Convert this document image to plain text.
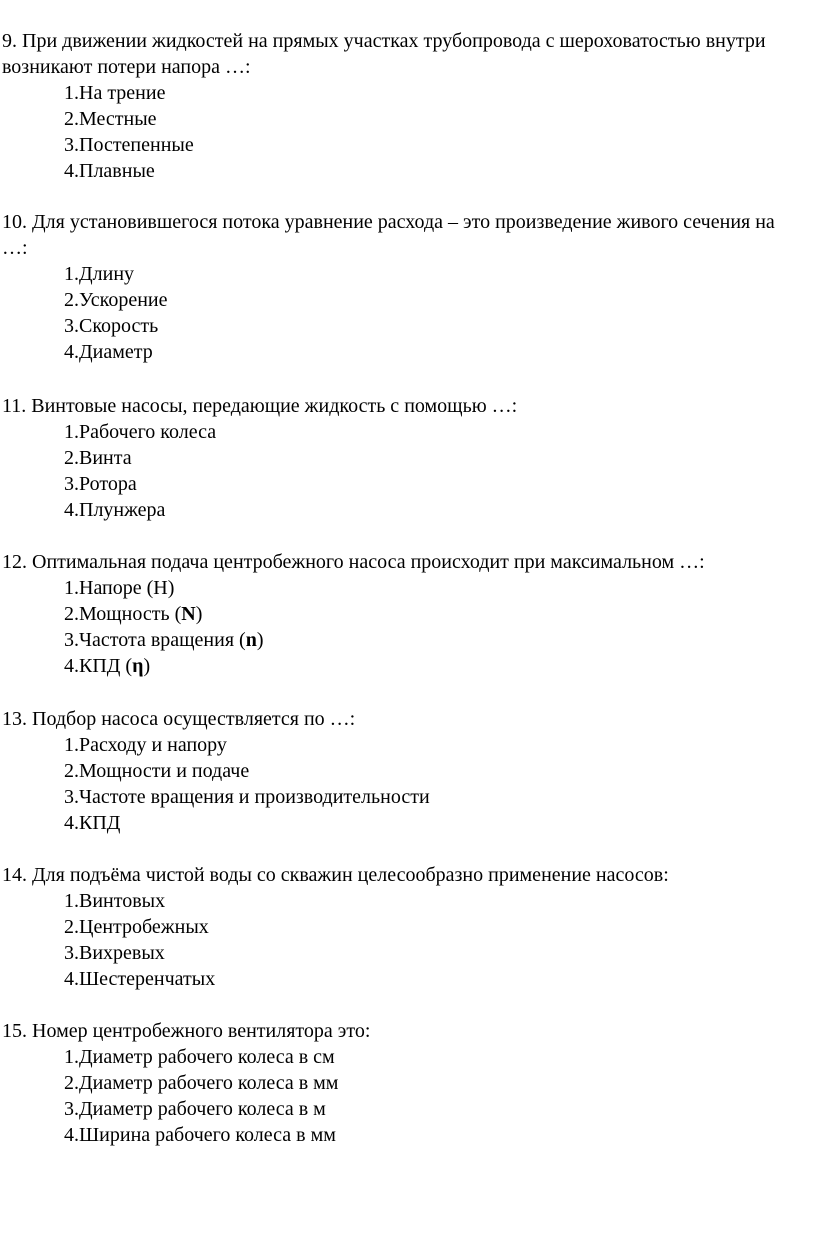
9. При движении жидкостей на прямых участках трубопровода с шероховатостью внутри возникают потери напора …:

1.На трение
2.Местные
3.Постепенные
4.Плавные

10. Для установившегося потока уравнение расхода – это произведение живого сечения на …:

1.Длину
2.Ускорение
3.Скорость
4.Диаметр

11. Винтовые насосы, передающие жидкость с помощью …:

1.Рабочего колеса
2.Винта
3.Ротора
4.Плунжера

12. Оптимальная подача центробежного насоса происходит при максимальном …:

1.Напоре (Н)
2.Мощность (N)
3.Частота вращения (n)
4.КПД (η)

13. Подбор насоса осуществляется по …:

1.Расходу и напору
2.Мощности и подаче
3.Частоте вращения и производительности
4.КПД

14. Для подъёма чистой воды со скважин целесообразно применение насосов:

1.Винтовых
2.Центробежных
3.Вихревых
4.Шестеренчатых

15. Номер центробежного вентилятора это:

1.Диаметр рабочего колеса в см
2.Диаметр рабочего колеса в мм
3.Диаметр рабочего колеса в м
4.Ширина рабочего колеса в мм
